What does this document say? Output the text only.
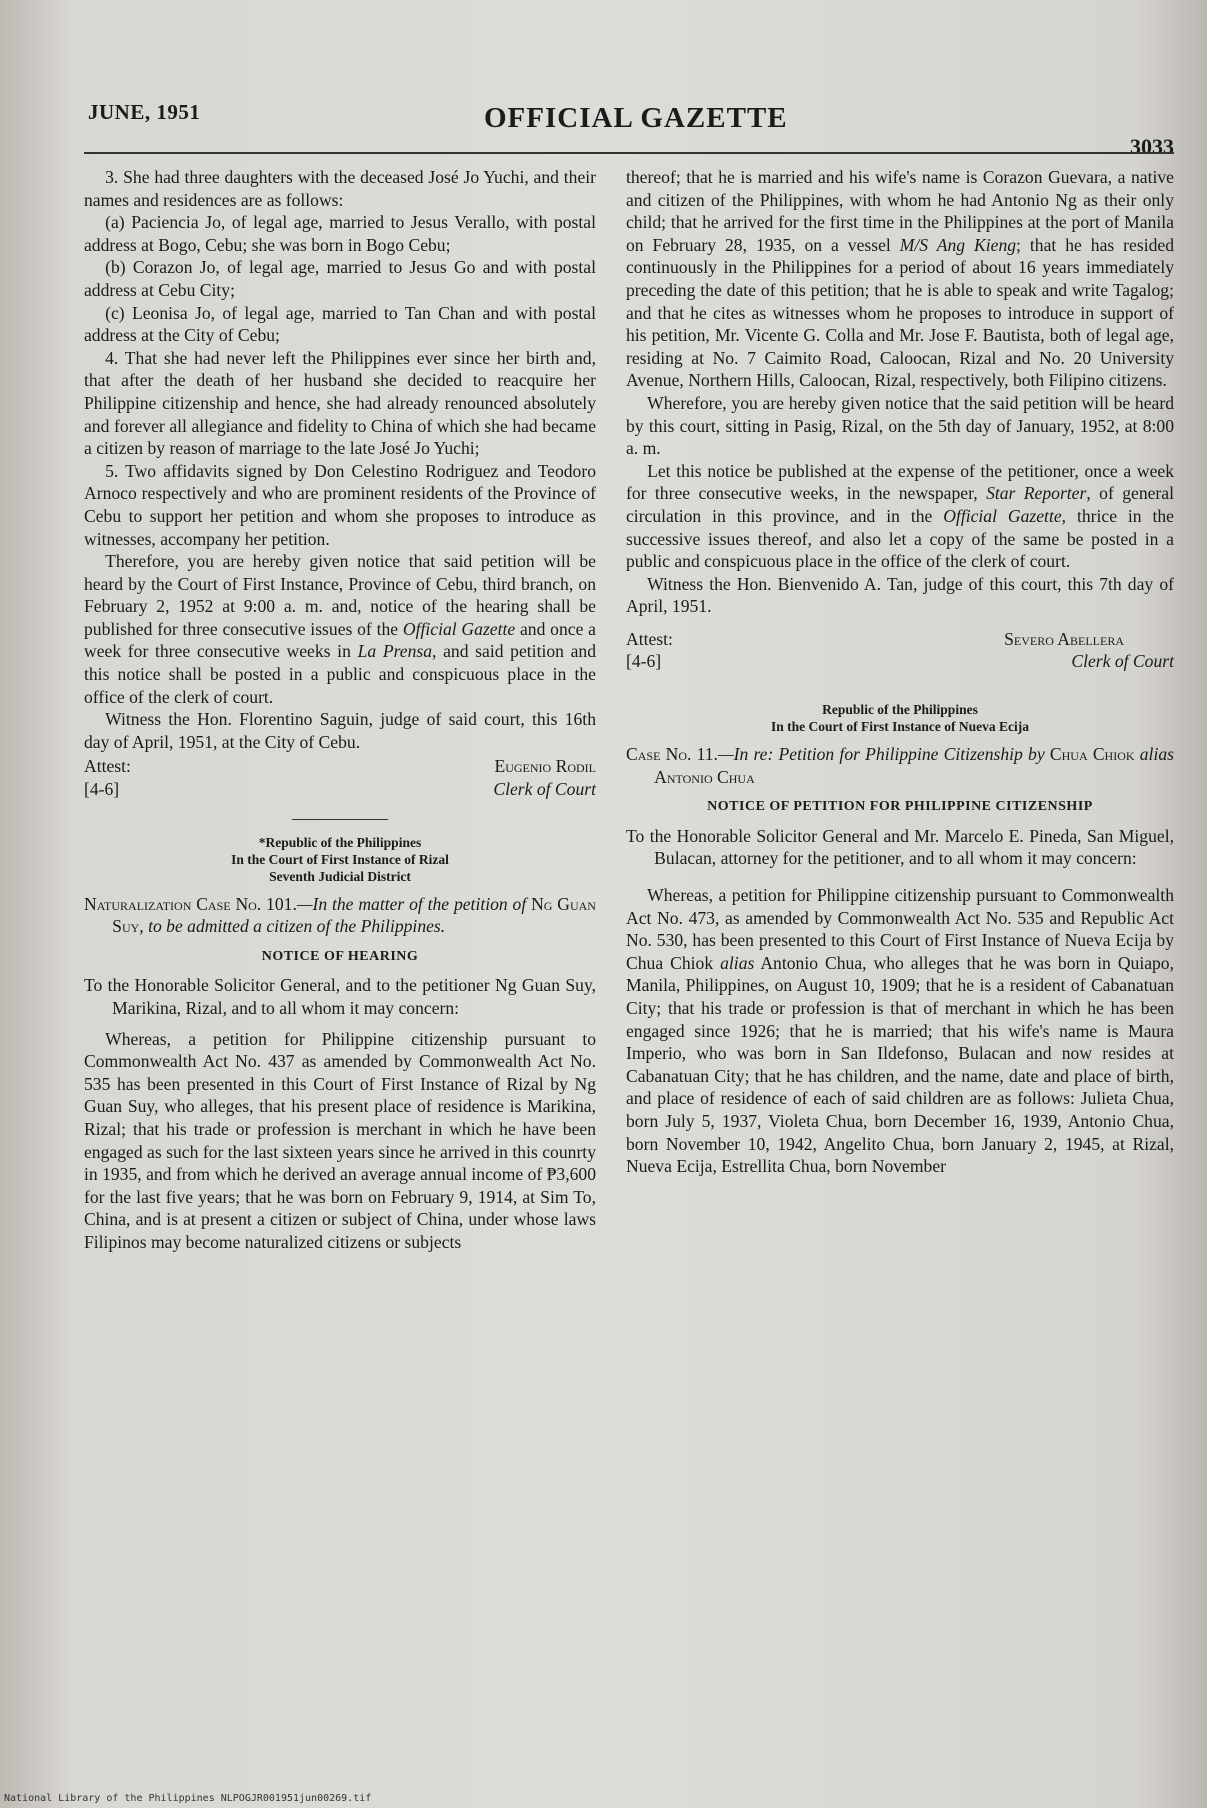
JUNE, 1951	OFFICIAL GAZETTE
3033

3. She had three daughters with the deceased José Jo Yuchi, and their names and residences are as follows:

(a) Paciencia Jo, of legal age, married to Jesus Verallo, with postal address at Bogo, Cebu; she was born in Bogo Cebu;

(b) Corazon Jo, of legal age, married to Jesus Go and with postal address at Cebu City;

(c) Leonisa Jo, of legal age, married to Tan Chan and with postal address at the City of Cebu;

4. That she had never left the Philippines ever since her birth and, that after the death of her husband she decided to reacquire her Philippine citizenship and hence, she had already renounced absolutely and forever all allegiance and fidelity to China of which she had became a citizen by reason of marriage to the late José Jo Yuchi;

5. Two affidavits signed by Don Celestino Rodriguez and Teodoro Arnoco respectively and who are prominent residents of the Province of Cebu to support her petition and whom she proposes to introduce as witnesses, accompany her petition.

Therefore, you are hereby given notice that said petition will be heard by the Court of First Instance, Province of Cebu, third branch, on February 2, 1952 at 9:00 a. m. and, notice of the hearing shall be published for three consecutive issues of the Official Gazette and once a week for three consecutive weeks in La Prensa, and said petition and this notice shall be posted in a public and conspicuous place in the office of the clerk of court.

Witness the Hon. Florentino Saguin, judge of said court, this 16th day of April, 1951, at the City of Cebu.

Attest:
[4-6]
Eugenio Rodil
Clerk of Court
*Republic of the Philippines
In the Court of First Instance of Rizal
Seventh Judicial District

Naturalization Case No. 101.—In the matter of the petition of Ng Guan Suy, to be admitted a citizen of the Philippines.

NOTICE OF HEARING

To the Honorable Solicitor General, and to the petitioner Ng Guan Suy, Marikina, Rizal, and to all whom it may concern:

Whereas, a petition for Philippine citizenship pursuant to Commonwealth Act No. 437 as amended by Commonwealth Act No. 535 has been presented in this Court of First Instance of Rizal by Ng Guan Suy, who alleges, that his present place of residence is Marikina, Rizal; that his trade or profession is merchant in which he have been engaged as such for the last sixteen years since he arrived in this counrty in 1935, and from which he derived an average annual income of ₱3,600 for the last five years; that he was born on February 9, 1914, at Sim To, China, and is at present a citizen or subject of China, under whose laws Filipinos may become naturalized citizens or subjects

thereof; that he is married and his wife's name is Corazon Guevara, a native and citizen of the Philippines, with whom he had Antonio Ng as their only child; that he arrived for the first time in the Philippines at the port of Manila on February 28, 1935, on a vessel M/S Ang Kieng; that he has resided continuously in the Philippines for a period of about 16 years immediately preceding the date of this petition; that he is able to speak and write Tagalog; and that he cites as witnesses whom he proposes to introduce in support of his petition, Mr. Vicente G. Colla and Mr. Jose F. Bautista, both of legal age, residing at No. 7 Caimito Road, Caloocan, Rizal and No. 20 University Avenue, Northern Hills, Caloocan, Rizal, respectively, both Filipino citizens.

Wherefore, you are hereby given notice that the said petition will be heard by this court, sitting in Pasig, Rizal, on the 5th day of January, 1952, at 8:00 a. m.

Let this notice be published at the expense of the petitioner, once a week for three consecutive weeks, in the newspaper, Star Reporter, of general circulation in this province, and in the Official Gazette, thrice in the successive issues thereof, and also let a copy of the same be posted in a public and conspicuous place in the office of the clerk of court.

Witness the Hon. Bienvenido A. Tan, judge of this court, this 7th day of April, 1951.

Attest:
[4-6]
Severo Abellera
Clerk of Court
Republic of the Philippines
In the Court of First Instance of Nueva Ecija

Case No. 11.—In re: Petition for Philippine Citizenship by Chua Chiok alias Antonio Chua

NOTICE OF PETITION FOR PHILIPPINE CITIZENSHIP

To the Honorable Solicitor General and Mr. Marcelo E. Pineda, San Miguel, Bulacan, attorney for the petitioner, and to all whom it may concern:

Whereas, a petition for Philippine citizenship pursuant to Commonwealth Act No. 473, as amended by Commonwealth Act No. 535 and Republic Act No. 530, has been presented to this Court of First Instance of Nueva Ecija by Chua Chiok alias Antonio Chua, who alleges that he was born in Quiapo, Manila, Philippines, on August 10, 1909; that he is a resident of Cabanatuan City; that his trade or profession is that of merchant in which he has been engaged since 1926; that he is married; that his wife's name is Maura Imperio, who was born in San Ildefonso, Bulacan and now resides at Cabanatuan City; that he has children, and the name, date and place of birth, and place of residence of each of said children are as follows: Julieta Chua, born July 5, 1937, Violeta Chua, born December 16, 1939, Antonio Chua, born November 10, 1942, Angelito Chua, born January 2, 1945, at Rizal, Nueva Ecija, Estrellita Chua, born November

National Library of the Philippines NLPOGJR001951jun00269.tif
